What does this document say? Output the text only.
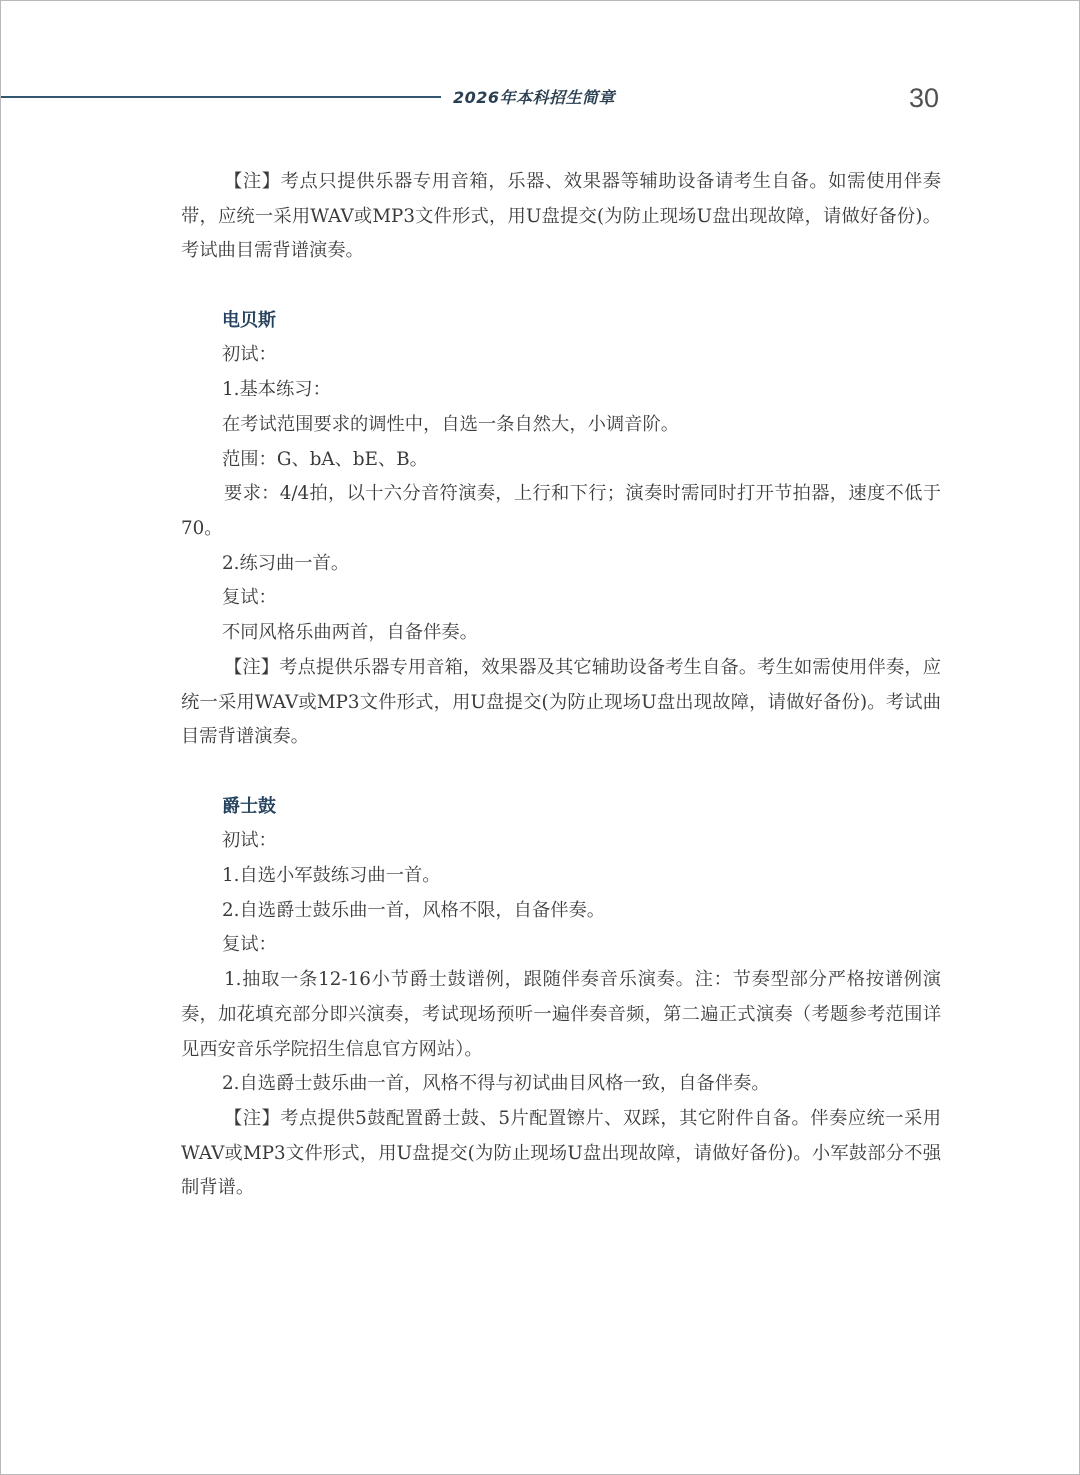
2026年本科招生简章	30

【注】考点只提供乐器专用音箱，乐器、效果器等辅助设备请考生自备。如需使用伴奏带，应统一采用WAV或MP3文件形式，用U盘提交(为防止现场U盘出现故障，请做好备份)。考试曲目需背谱演奏。

电贝斯

初试：

1.基本练习：

在考试范围要求的调性中，自选一条自然大，小调音阶。

范围：G、bA、bE、B。

要求：4/4拍，以十六分音符演奏，上行和下行；演奏时需同时打开节拍器，速度不低于70。

2.练习曲一首。

复试：

不同风格乐曲两首，自备伴奏。

【注】考点提供乐器专用音箱，效果器及其它辅助设备考生自备。考生如需使用伴奏，应统一采用WAV或MP3文件形式，用U盘提交(为防止现场U盘出现故障，请做好备份)。考试曲目需背谱演奏。

爵士鼓

初试：

1.自选小军鼓练习曲一首。

2.自选爵士鼓乐曲一首，风格不限，自备伴奏。

复试：

1.抽取一条12-16小节爵士鼓谱例，跟随伴奏音乐演奏。注：节奏型部分严格按谱例演奏，加花填充部分即兴演奏，考试现场预听一遍伴奏音频，第二遍正式演奏（考题参考范围详见西安音乐学院招生信息官方网站）。

2.自选爵士鼓乐曲一首，风格不得与初试曲目风格一致，自备伴奏。

【注】考点提供5鼓配置爵士鼓、5片配置镲片、双踩，其它附件自备。伴奏应统一采用WAV或MP3文件形式，用U盘提交(为防止现场U盘出现故障，请做好备份)。小军鼓部分不强制背谱。
